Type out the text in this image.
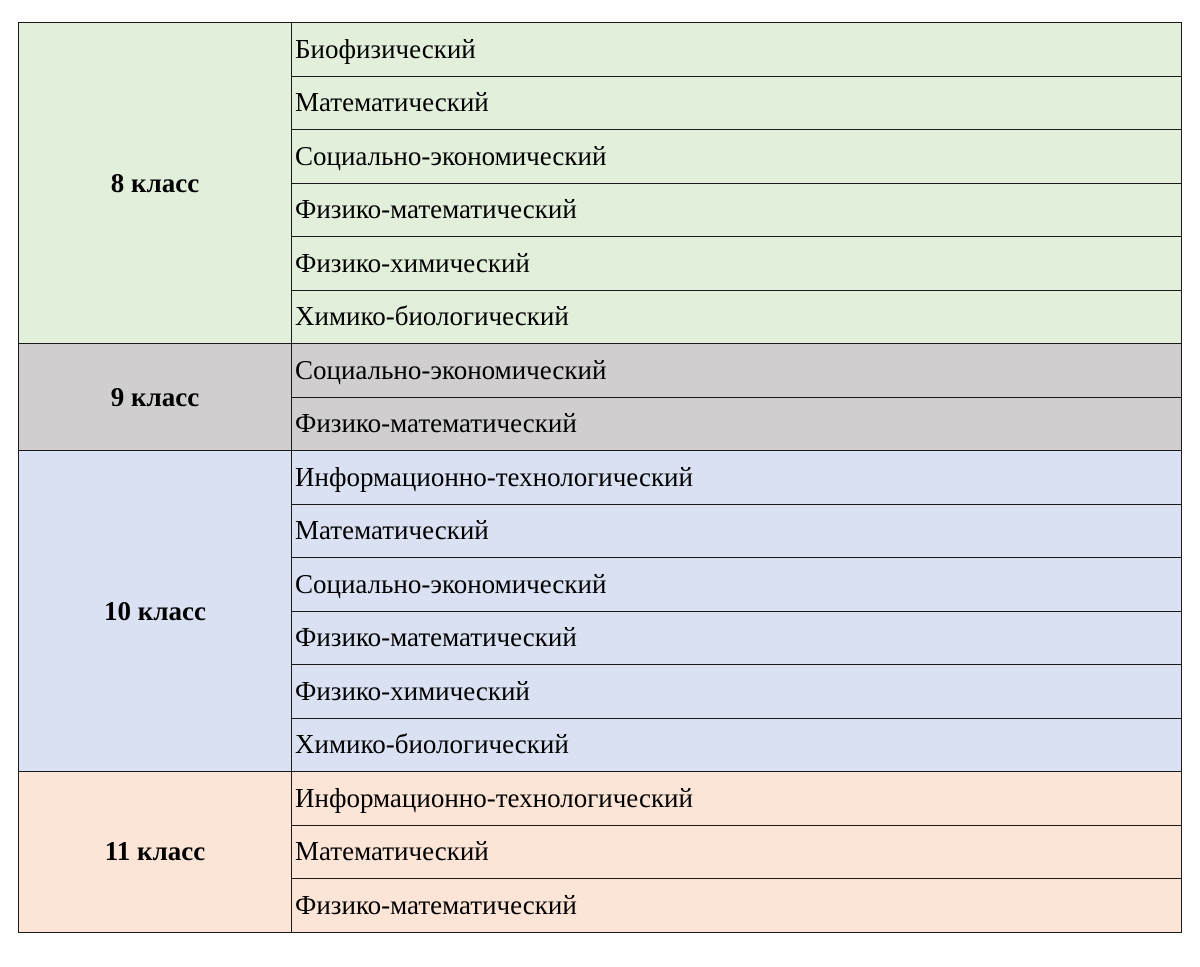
8 класс	Биофизический
	Математический
	Социально-экономический
	Физико-математический
	Физико-химический
	Химико-биологический
9 класс	Социально-экономический
	Физико-математический
10 класс	Информационно-технологический
	Математический
	Социально-экономический
	Физико-математический
	Физико-химический
	Химико-биологический
11 класс	Информационно-технологический
	Математический
	Физико-математический
